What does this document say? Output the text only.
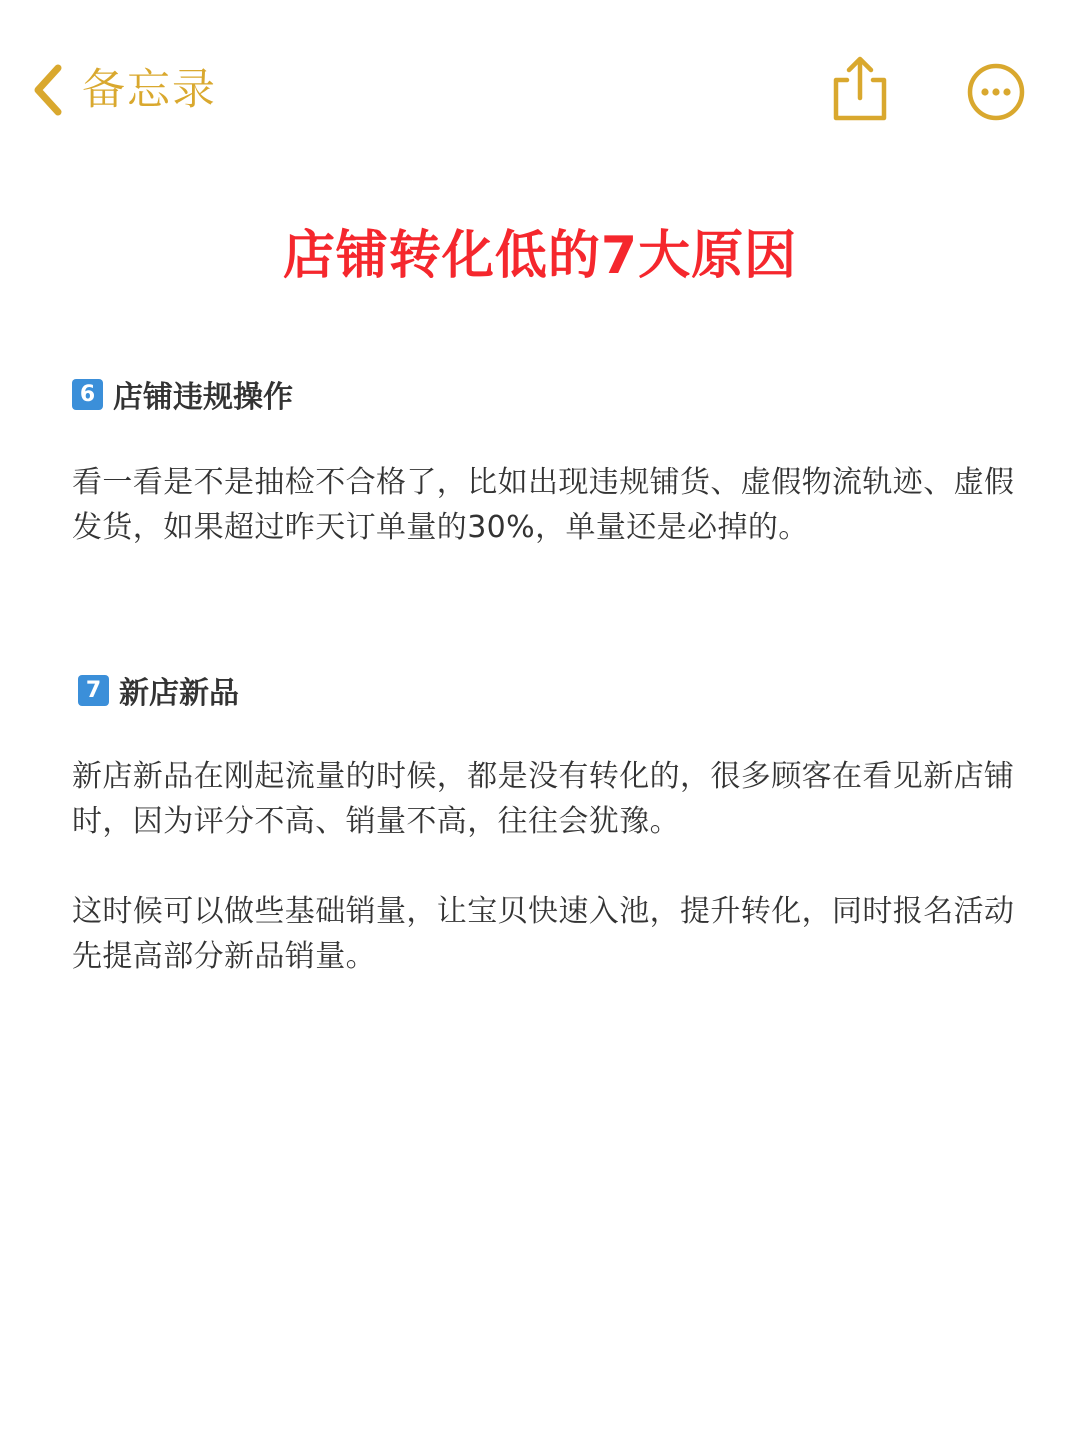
备忘录
店铺转化低的7大原因
6 店铺违规操作

看一看是不是抽检不合格了，比如出现违规铺货、虚假物流轨迹、虚假发货，如果超过昨天订单量的30%，单量还是必掉的。

7 新店新品

新店新品在刚起流量的时候，都是没有转化的，很多顾客在看见新店铺时，因为评分不高、销量不高，往往会犹豫。

这时候可以做些基础销量，让宝贝快速入池，提升转化，同时报名活动先提高部分新品销量。
